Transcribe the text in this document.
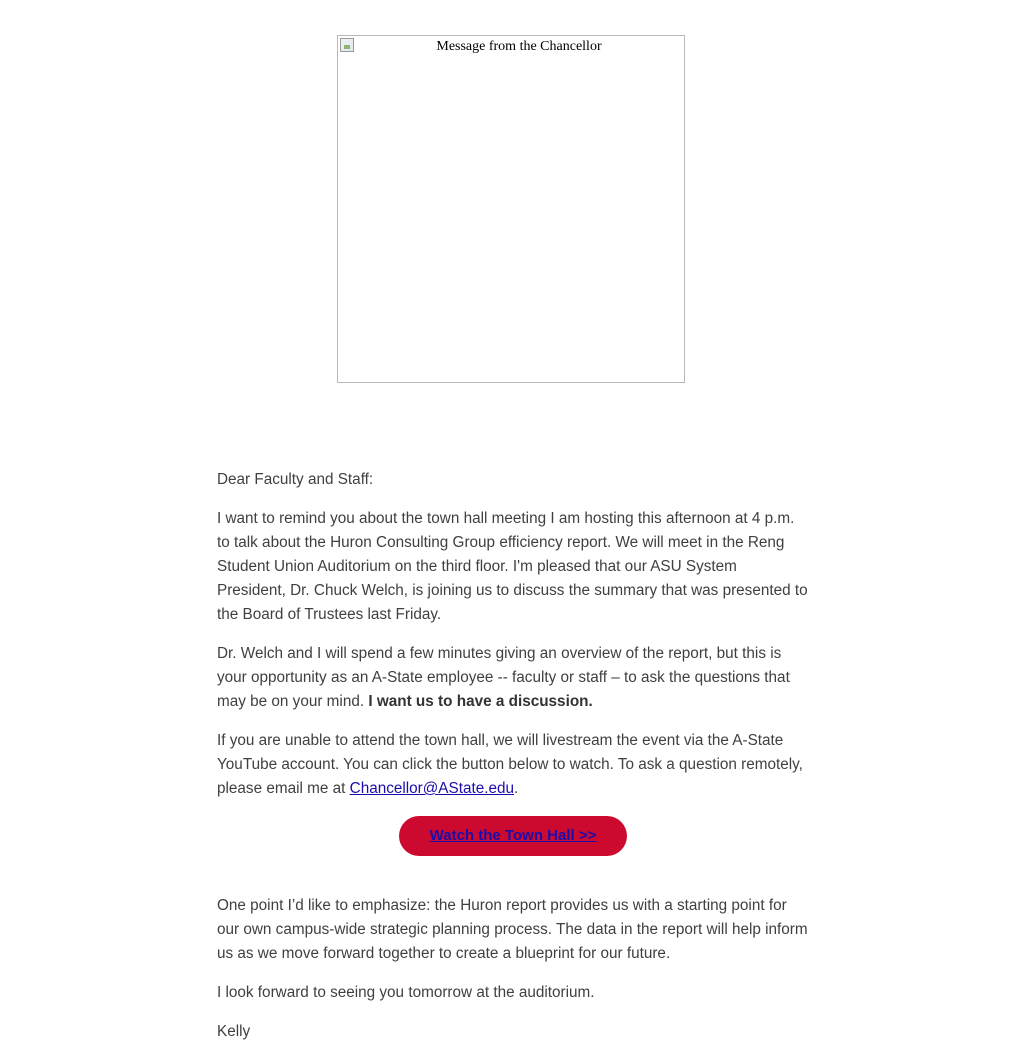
Message from the Chancellor

Dear Faculty and Staff:

I want to remind you about the town hall meeting I am hosting this afternoon at 4 p.m. to talk about the Huron Consulting Group efficiency report. We will meet in the Reng Student Union Auditorium on the third floor. I'm pleased that our ASU System President, Dr. Chuck Welch, is joining us to discuss the summary that was presented to the Board of Trustees last Friday.

Dr. Welch and I will spend a few minutes giving an overview of the report, but this is your opportunity as an A-State employee -- faculty or staff – to ask the questions that may be on your mind. I want us to have a discussion.

If you are unable to attend the town hall, we will livestream the event via the A-State YouTube account. You can click the button below to watch. To ask a question remotely, please email me at Chancellor@AState.edu.

Watch the Town Hall >>

One point I’d like to emphasize: the Huron report provides us with a starting point for our own campus-wide strategic planning process. The data in the report will help inform us as we move forward together to create a blueprint for our future.

I look forward to seeing you tomorrow at the auditorium.

Kelly
